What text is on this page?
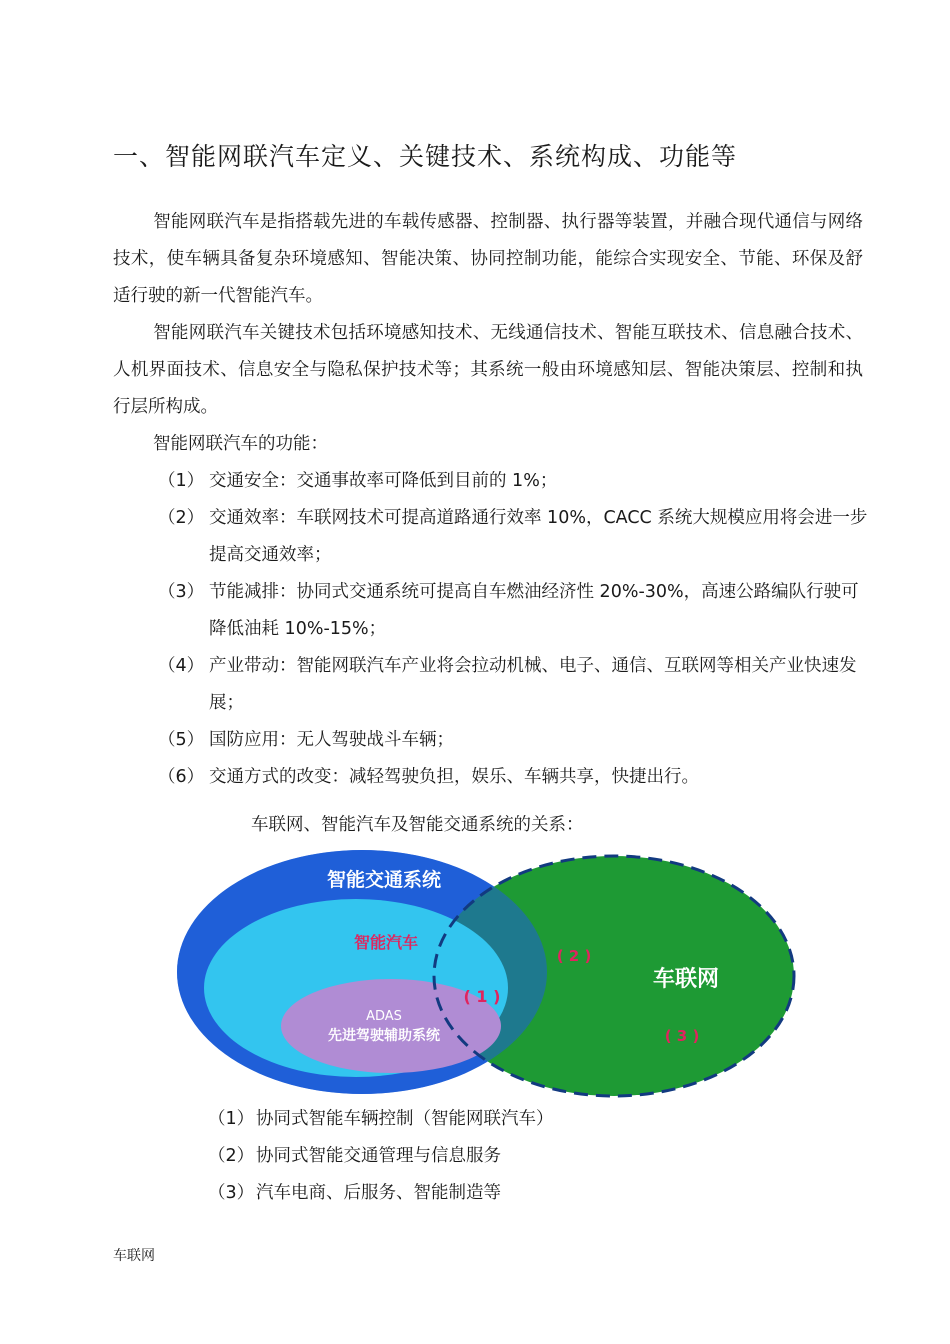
一、智能网联汽车定义、关键技术、系统构成、功能等

智能网联汽车是指搭载先进的车载传感器、控制器、执行器等装置，并融合现代通信与网络技术，使车辆具备复杂环境感知、智能决策、协同控制功能，能综合实现安全、节能、环保及舒适行驶的新一代智能汽车。

智能网联汽车关键技术包括环境感知技术、无线通信技术、智能互联技术、信息融合技术、人机界面技术、信息安全与隐私保护技术等；其系统一般由环境感知层、智能决策层、控制和执行层所构成。

智能网联汽车的功能：

（1） 交通安全：交通事故率可降低到目前的 1%；
（2） 交通效率：车联网技术可提高道路通行效率 10%，CACC 系统大规模应用将会进一步提高交通效率；
（3） 节能减排：协同式交通系统可提高自车燃油经济性 20%-30%，高速公路编队行驶可降低油耗 10%-15%；
（4） 产业带动：智能网联汽车产业将会拉动机械、电子、通信、互联网等相关产业快速发展；
（5） 国防应用：无人驾驶战斗车辆；
（6） 交通方式的改变：减轻驾驶负担，娱乐、车辆共享，快捷出行。
车联网、智能汽车及智能交通系统的关系：
智能交通系统
智能汽车
ADAS
先进驾驶辅助系统
车联网
( 1 )
( 2 )
( 3 )
（1） 协同式智能车辆控制（智能网联汽车）
（2） 协同式智能交通管理与信息服务
（3） 汽车电商、后服务、智能制造等
车联网
